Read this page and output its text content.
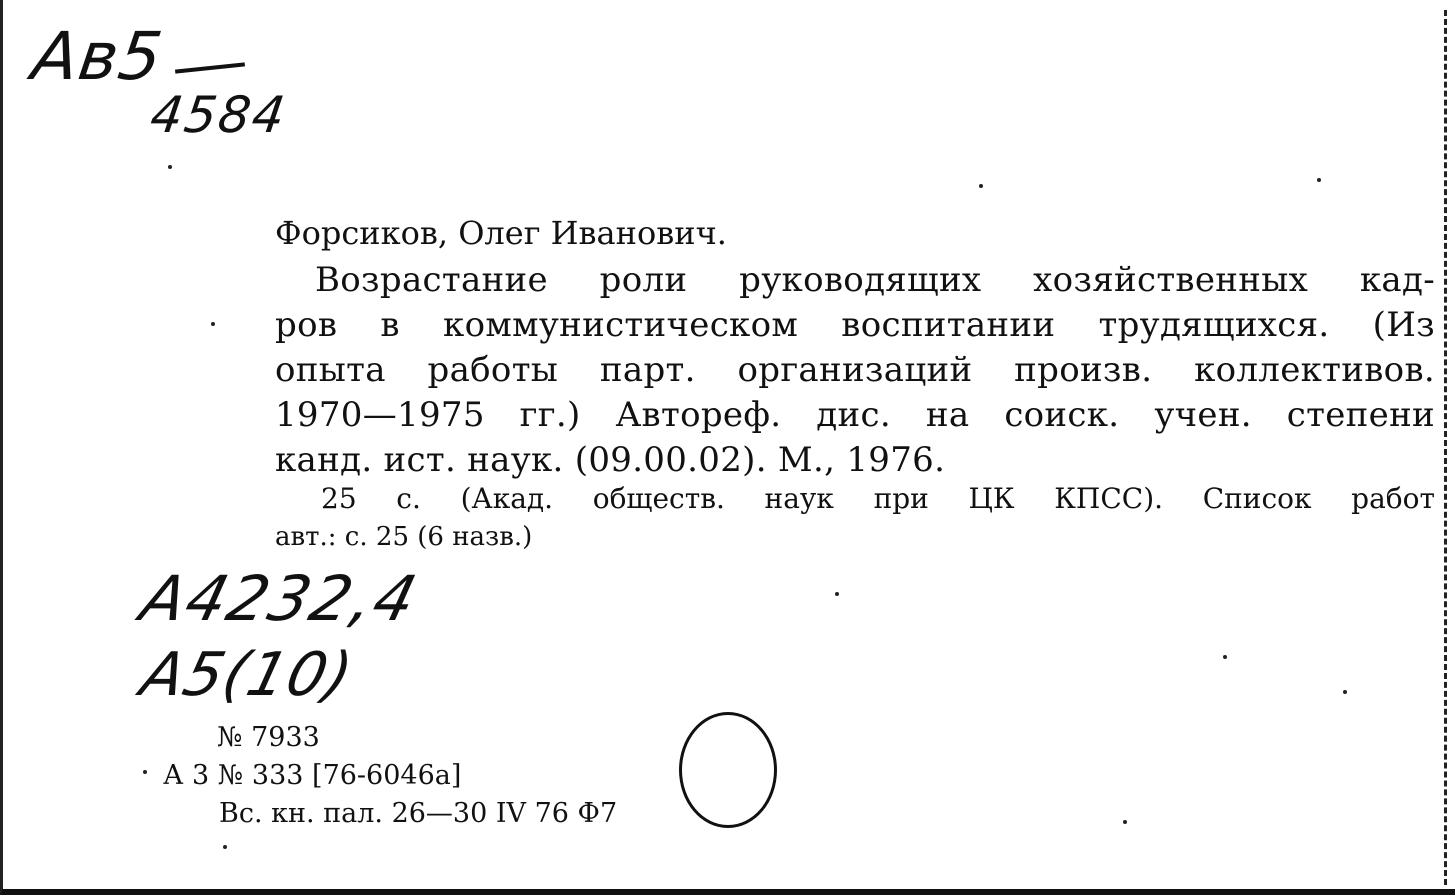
Ав5
4584
Форсиков, Олег Иванович.
Возрастание роли руководящих хозяйственных кад-
ров в коммунистическом воспитании трудящихся. (Из
опыта работы парт. организаций произв. коллективов.
1970—1975 гг.) Автореф. дис. на соиск. учен. степени
канд. ист. наук. (09.00.02). М., 1976.
25 с. (Акад. обществ. наук при ЦК КПСС). Список работ
авт.: с. 25 (6 назв.)
А4232,4
А5(10)
№ 7933
А 3 № 333 [76-6046а]
Вс. кн. пал. 26—30 IV 76 Ф7
